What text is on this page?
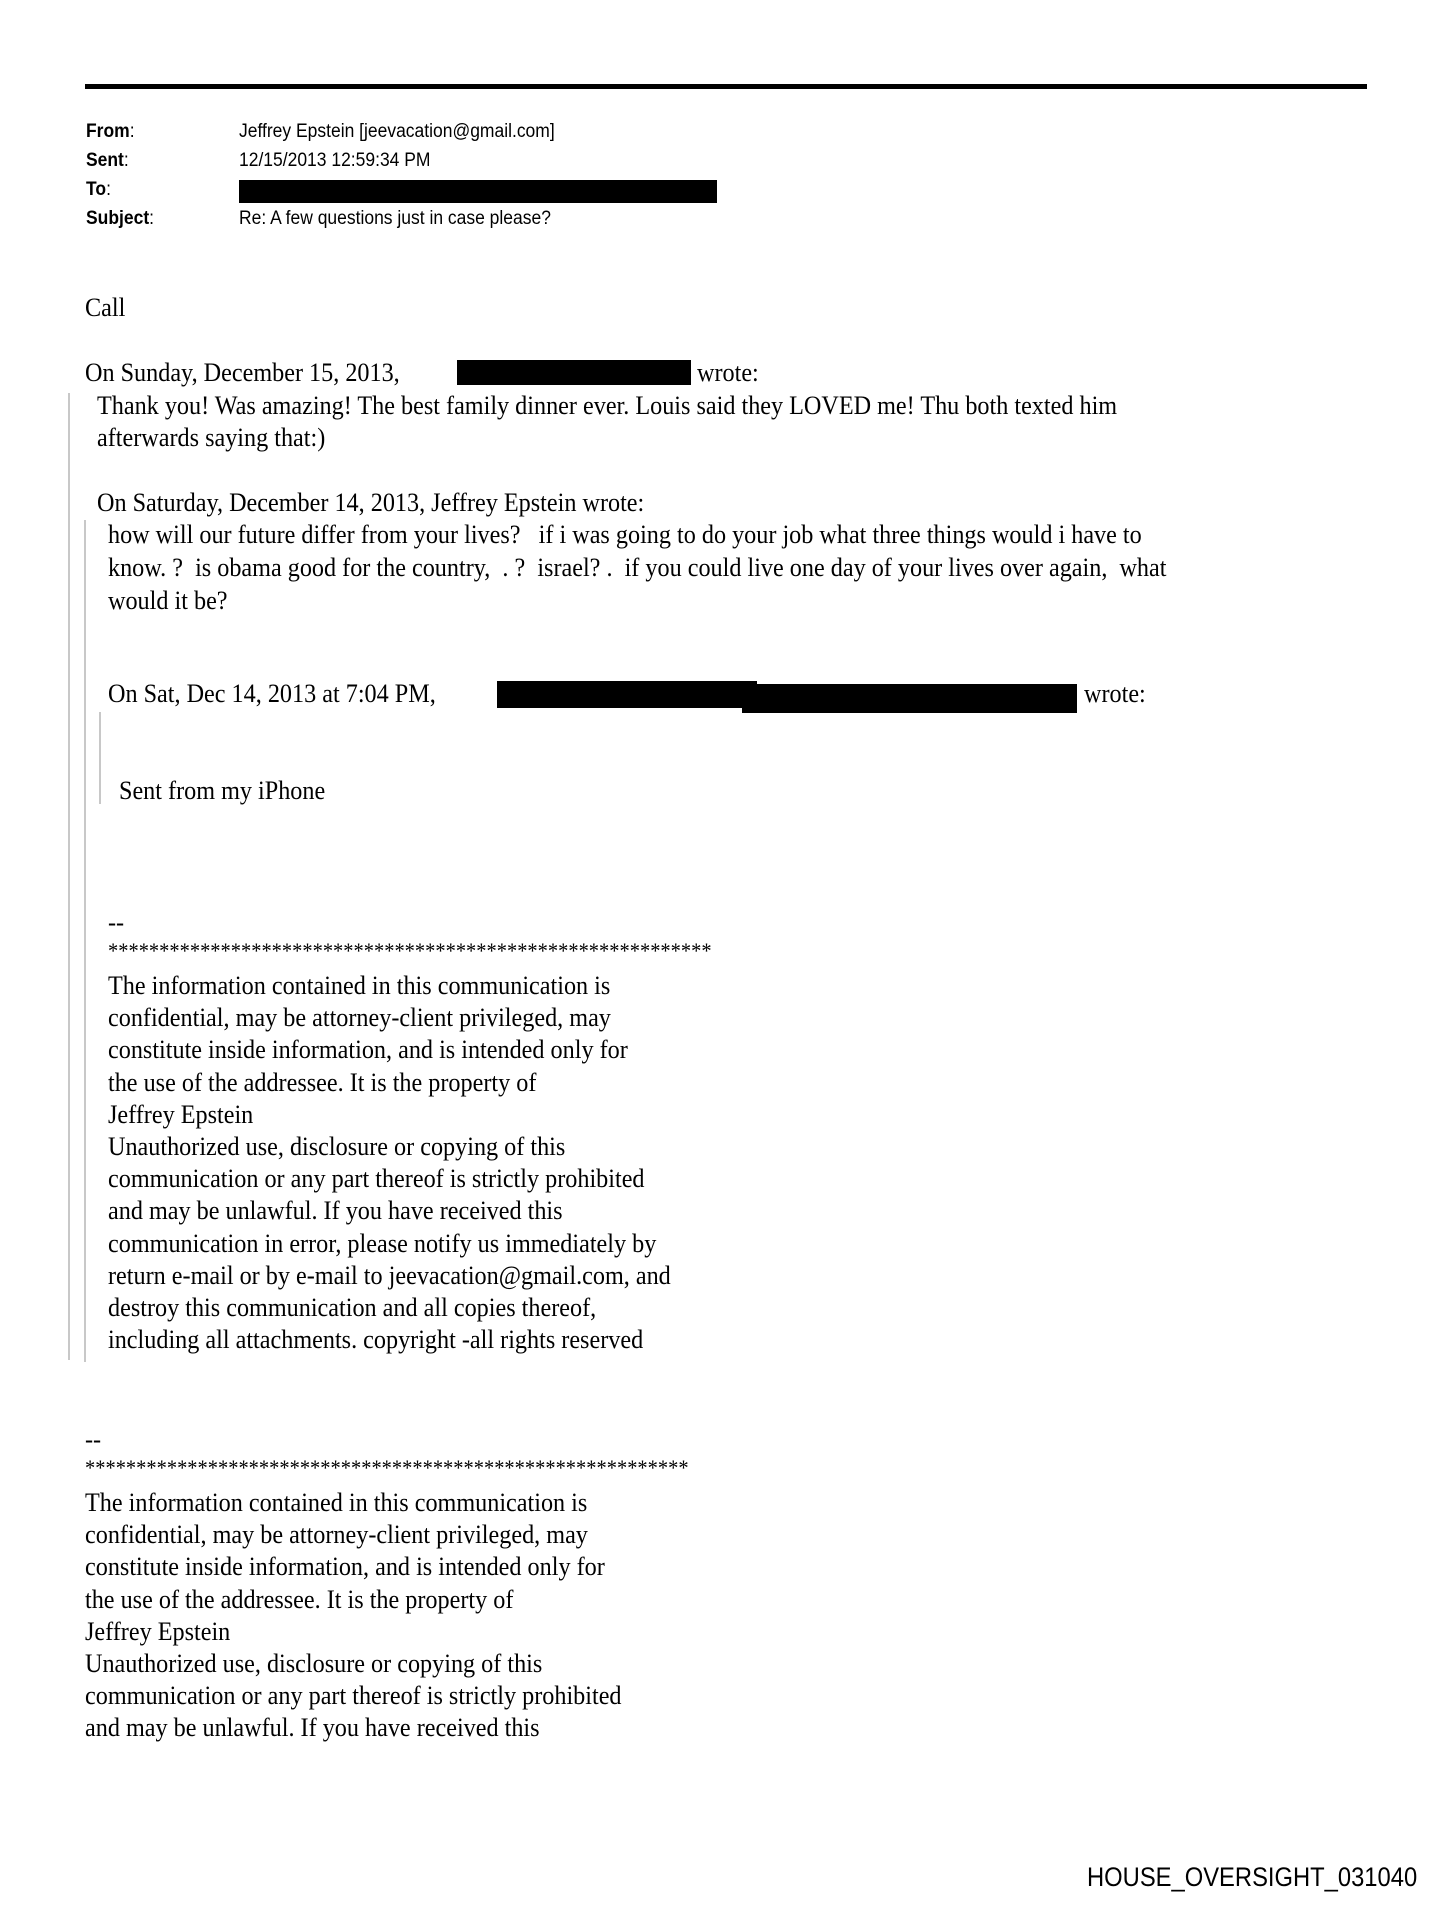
From:	Jeffrey Epstein [jeevacation@gmail.com]
Sent:	12/15/2013 12:59:34 PM
To:
Subject:	Re: A few questions just in case please?
Call
On Sunday, December 15, 2013,	wrote:
Thank you! Was amazing! The best family dinner ever. Louis said they LOVED me! Thu both texted him
afterwards saying that:)
On Saturday, December 14, 2013, Jeffrey Epstein wrote:
how will our future differ from your lives?   if i was going to do your job what three things would i have to
know. ?  is obama good for the country,  . ?  israel? .  if you could live one day of your lives over again,  what
would it be?
On Sat, Dec 14, 2013 at 7:04 PM,	wrote:
Sent from my iPhone
--
***********************************************************
The information contained in this communication is
confidential, may be attorney-client privileged, may
constitute inside information, and is intended only for
the use of the addressee. It is the property of
Jeffrey Epstein
Unauthorized use, disclosure or copying of this
communication or any part thereof is strictly prohibited
and may be unlawful. If you have received this
communication in error, please notify us immediately by
return e-mail or by e-mail to jeevacation@gmail.com, and
destroy this communication and all copies thereof,
including all attachments. copyright -all rights reserved
--
***********************************************************
The information contained in this communication is
confidential, may be attorney-client privileged, may
constitute inside information, and is intended only for
the use of the addressee. It is the property of
Jeffrey Epstein
Unauthorized use, disclosure or copying of this
communication or any part thereof is strictly prohibited
and may be unlawful. If you have received this
HOUSE_OVERSIGHT_031040
